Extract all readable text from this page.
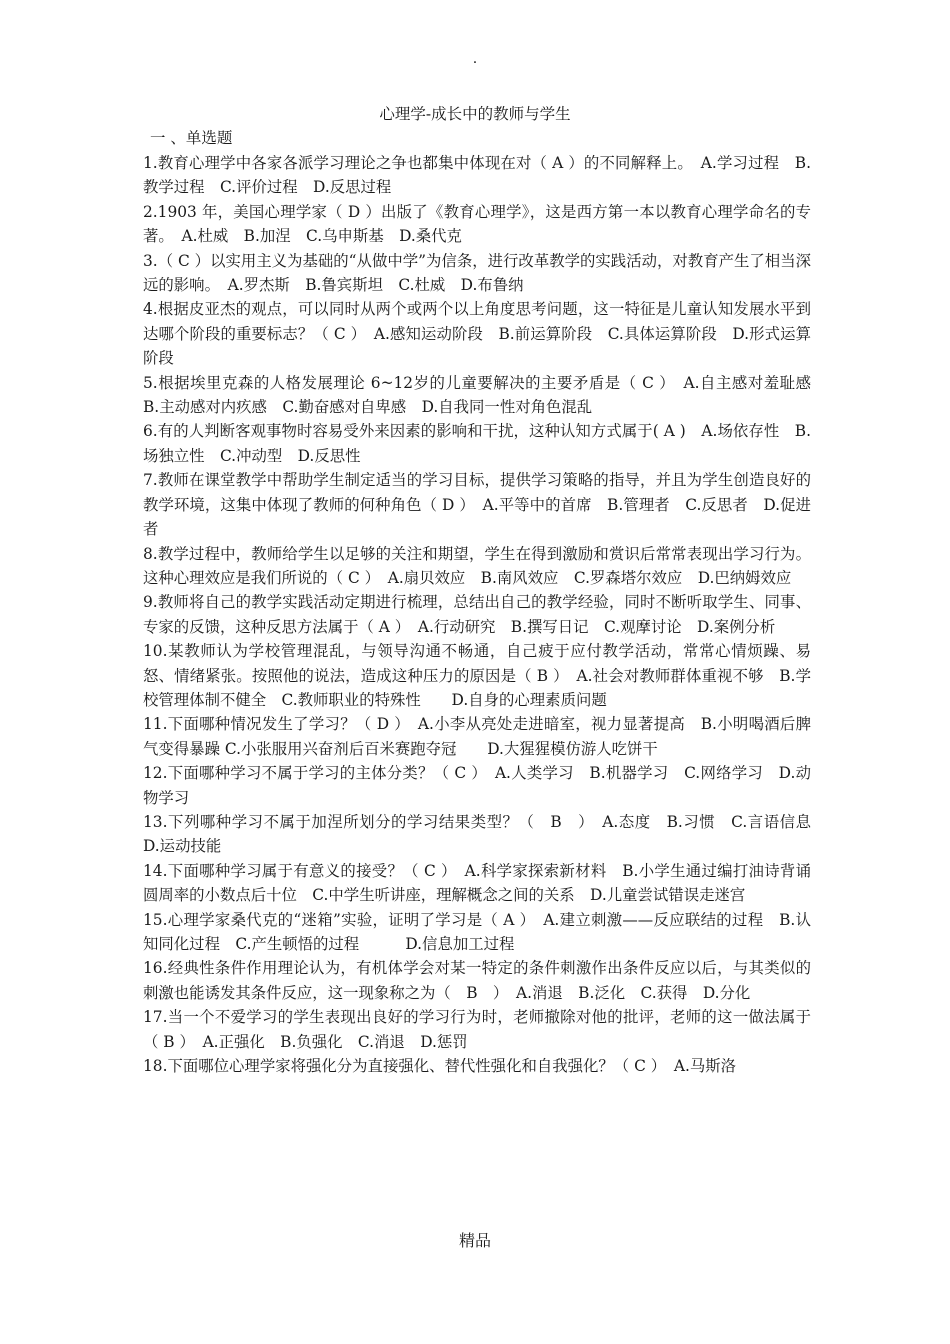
.
心理学-成长中的教师与学生
一 、单选题

1.教育心理学中各家各派学习理论之争也都集中体现在对（ A ）的不同解释上。　A.学习过程　B.教学过程　C.评价过程　D.反思过程

2.1903 年，美国心理学家（ D ）出版了《教育心理学》，这是西方第一本以教育心理学命名的专著。　A.杜威　B.加涅　C.乌申斯基　D.桑代克

3.（ C ）以实用主义为基础的“从做中学”为信条，进行改革教学的实践活动，对教育产生了相当深远的影响。　A.罗杰斯　B.鲁宾斯坦　C.杜威　D.布鲁纳

4.根据皮亚杰的观点，可以同时从两个或两个以上角度思考问题，这一特征是儿童认知发展水平到达哪个阶段的重要标志？（ C ）　A.感知运动阶段　B.前运算阶段　C.具体运算阶段　D.形式运算阶段

5.根据埃里克森的人格发展理论 6~12岁的儿童要解决的主要矛盾是（ C ）　A.自主感对羞耻感　B.主动感对内疚感　C.勤奋感对自卑感　D.自我同一性对角色混乱

6.有的人判断客观事物时容易受外来因素的影响和干扰，这种认知方式属于( A )　A.场依存性　B.场独立性　C.冲动型　D.反思性

7.教师在课堂教学中帮助学生制定适当的学习目标，提供学习策略的指导，并且为学生创造良好的教学环境，这集中体现了教师的何种角色（ D ）　A.平等中的首席　B.管理者　C.反思者　D.促进者

8.教学过程中，教师给学生以足够的关注和期望，学生在得到激励和赏识后常常表现出学习行为。这种心理效应是我们所说的（ C ）　A.扇贝效应　B.南风效应　C.罗森塔尔效应　D.巴纳姆效应

9.教师将自己的教学实践活动定期进行梳理，总结出自己的教学经验，同时不断听取学生、同事、专家的反馈，这种反思方法属于（ A ）　A.行动研究　B.撰写日记　C.观摩讨论　D.案例分析

10.某教师认为学校管理混乱，与领导沟通不畅通，自己疲于应付教学活动，常常心情烦躁、易怒、情绪紧张。按照他的说法，造成这种压力的原因是（ B ）　A.社会对教师群体重视不够　B.学校管理体制不健全　C.教师职业的特殊性　　D.自身的心理素质问题

11.下面哪种情况发生了学习？（ D ）　A.小李从亮处走进暗室，视力显著提高　B.小明喝酒后脾气变得暴躁 C.小张服用兴奋剂后百米赛跑夺冠　　D.大猩猩模仿游人吃饼干

12.下面哪种学习不属于学习的主体分类？（ C ）　A.人类学习　B.机器学习　C.网络学习　D.动物学习

13.下列哪种学习不属于加涅所划分的学习结果类型？（　B　）　A.态度　B.习惯　C.言语信息　D.运动技能

14.下面哪种学习属于有意义的接受？（ C ）　A.科学家探索新材料　B.小学生通过编打油诗背诵圆周率的小数点后十位　C.中学生听讲座，理解概念之间的关系　D.儿童尝试错误走迷宫

15.心理学家桑代克的“迷箱”实验，证明了学习是（ A ）　A.建立刺激——反应联结的过程　B.认知同化过程　C.产生顿悟的过程　　　D.信息加工过程

16.经典性条件作用理论认为，有机体学会对某一特定的条件刺激作出条件反应以后，与其类似的刺激也能诱发其条件反应，这一现象称之为（　B　）　A.消退　B.泛化　C.获得　D.分化

17.当一个不爱学习的学生表现出良好的学习行为时，老师撤除对他的批评，老师的这一做法属于（ B ）　A.正强化　B.负强化　C.消退　D.惩罚

18.下面哪位心理学家将强化分为直接强化、替代性强化和自我强化？（ C ）　A.马斯洛

精品
